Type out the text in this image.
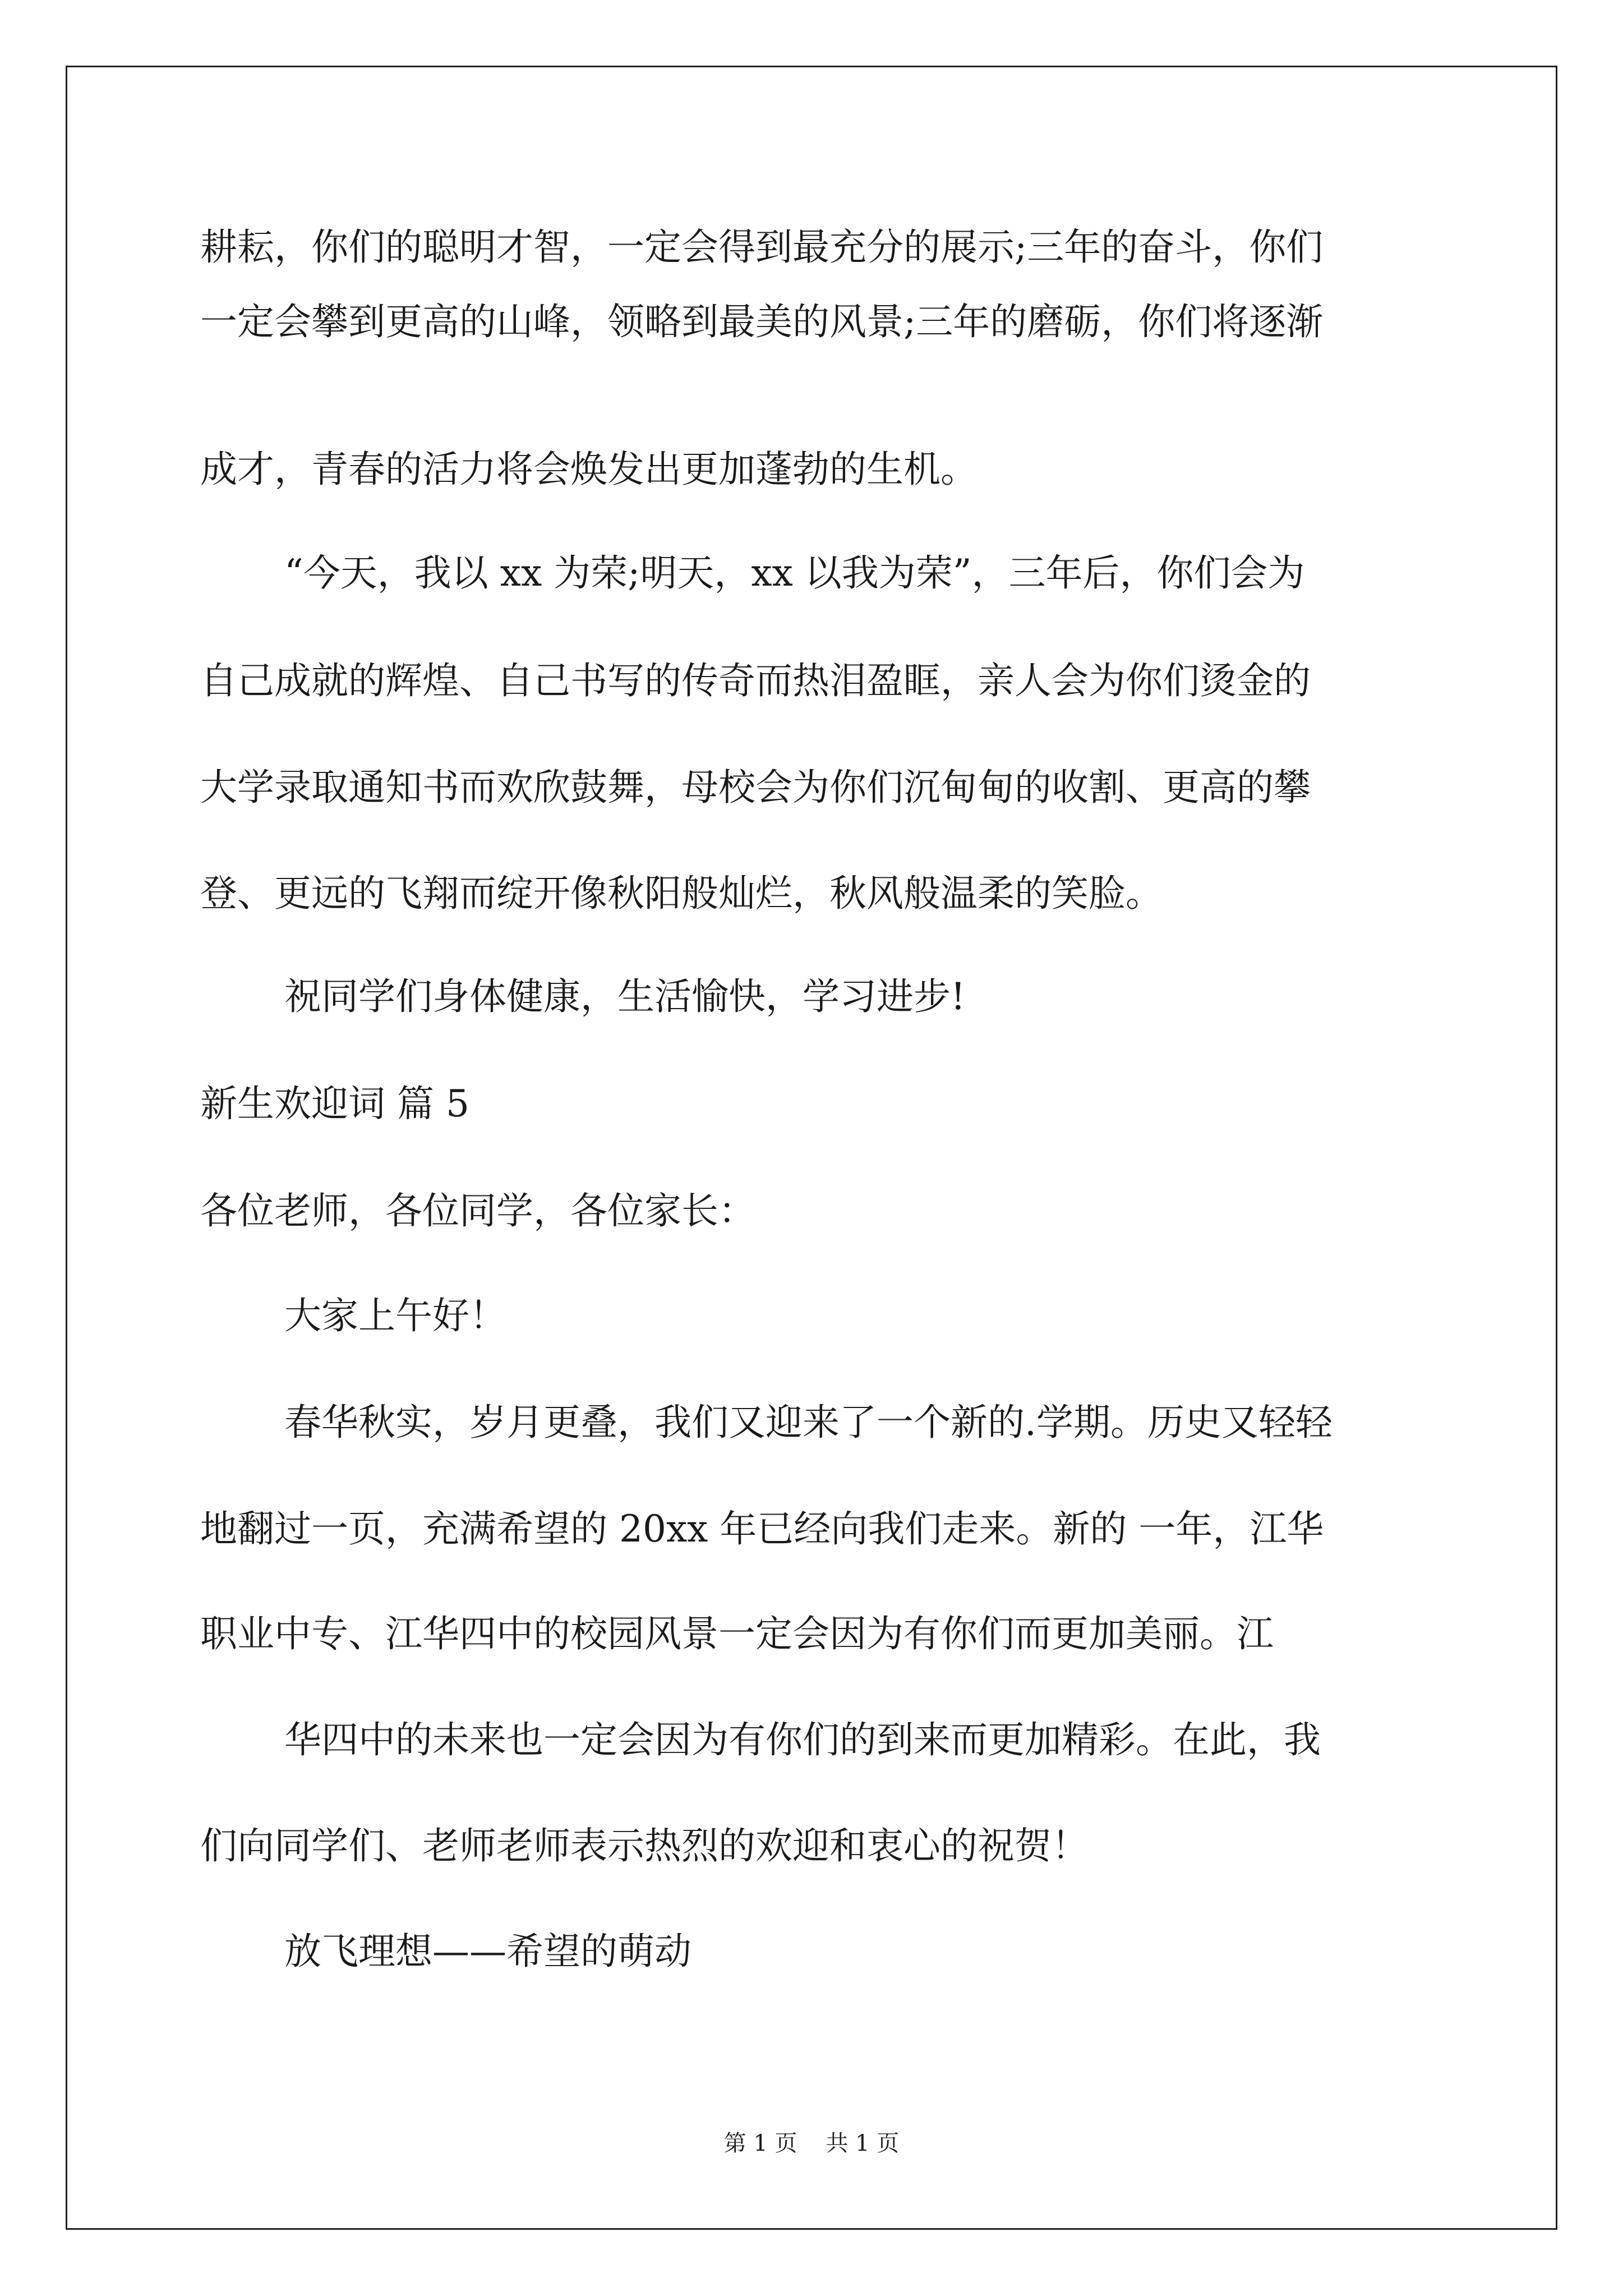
耕耘，你们的聪明才智，一定会得到最充分的展示;三年的奋斗，你们
一定会攀到更高的山峰，领略到最美的风景;三年的磨砺，你们将逐渐
成才，青春的活力将会焕发出更加蓬勃的生机。
“今天，我以 xx 为荣;明天，xx 以我为荣”，三年后，你们会为
自己成就的辉煌、自己书写的传奇而热泪盈眶，亲人会为你们烫金的
大学录取通知书而欢欣鼓舞，母校会为你们沉甸甸的收割、更高的攀
登、更远的飞翔而绽开像秋阳般灿烂，秋风般温柔的笑脸。
祝同学们身体健康，生活愉快，学习进步!
新生欢迎词 篇 5
各位老师，各位同学，各位家长：
大家上午好！
春华秋实，岁月更叠，我们又迎来了一个新的.学期。历史又轻轻
地翻过一页，充满希望的 20xx 年已经向我们走来。新的 一年，江华
职业中专、江华四中的校园风景一定会因为有你们而更加美丽。江
华四中的未来也一定会因为有你们的到来而更加精彩。在此，我
们向同学们、老师老师表示热烈的欢迎和衷心的祝贺！
放飞理想——希望的萌动
第 1 页    共 1 页
